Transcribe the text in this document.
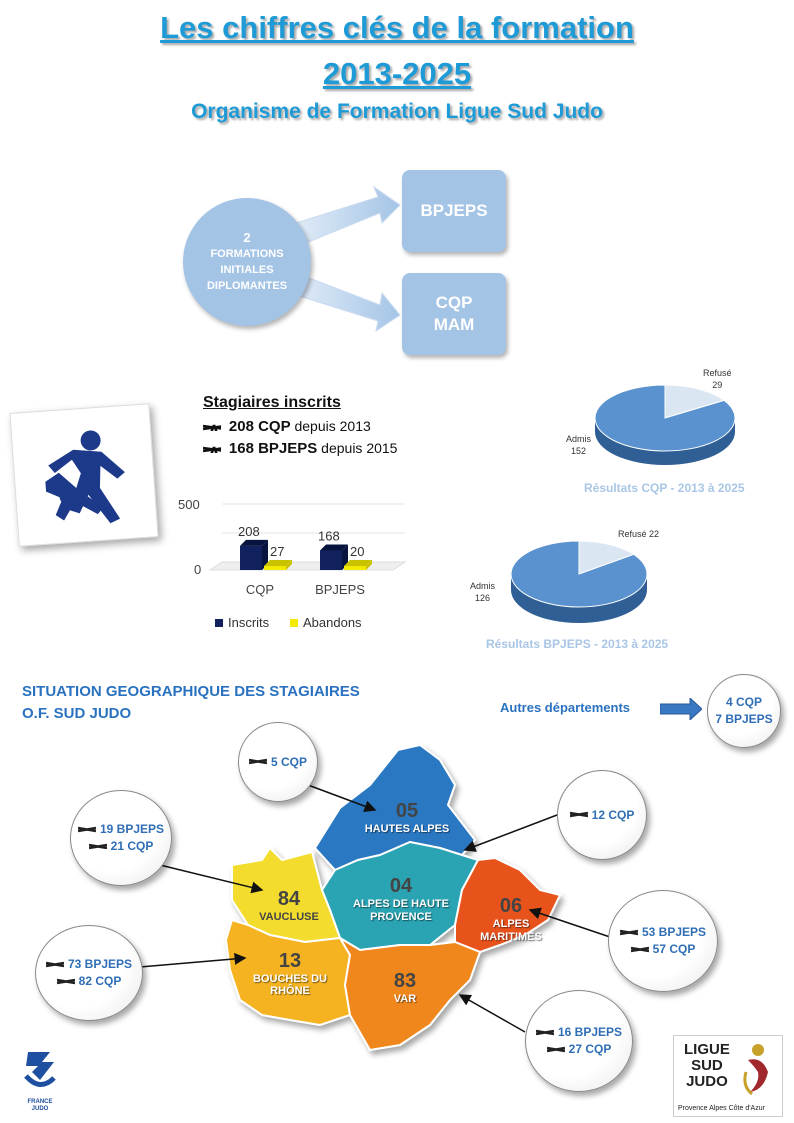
Les chiffres clés de la formation
2013-2025
Organisme de Formation Ligue Sud Judo
2
FORMATIONS INITIALES DIPLOMANTES
BPJEPS
CQP
MAM
Stagiaires inscrits
208 CQP depuis 2013
168 BPJEPS depuis 2015
500
0
208
27
CQP
168
20
BPJEPS
Inscrits	Abandons
Refusé
29
Admis
152
Résultats CQP - 2013 à 2025
Refusé 22
Admis
126
Résultats BPJEPS - 2013 à 2025
SITUATION GEOGRAPHIQUE DES STAGIAIRES
O.F. SUD JUDO	Autres départements	4 CQP
7 BPJEPS
05
HAUTES ALPES
04
ALPES DE HAUTE PROVENCE
84
VAUCLUSE	06
ALPES MARITIMES
13
BOUCHES DU RHÔNE	83
VAR
5 CQP
12 CQP
19 BPJEPS
21 CQP
73 BPJEPS
82 CQP
53 BPJEPS
57 CQP
16 BPJEPS
27 CQP
FRANCE JUDO
LIGUE
SUD
JUDO
Provence Alpes Côte d'Azur
